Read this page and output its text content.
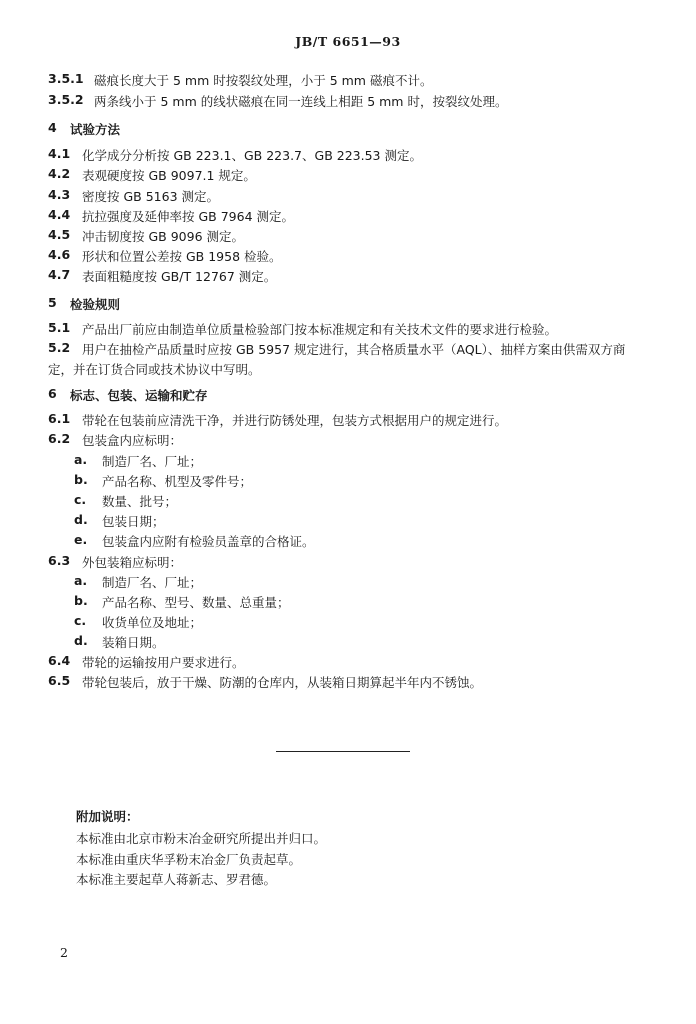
JB/T 6651—93
3.5.1 磁痕长度大于 5 mm 时按裂纹处理，小于 5 mm 磁痕不计。
3.5.2 两条线小于 5 mm 的线状磁痕在同一连线上相距 5 mm 时，按裂纹处理。
4 试验方法
4.1 化学成分分析按 GB 223.1、GB 223.7、GB 223.53 测定。
4.2 表观硬度按 GB 9097.1 规定。
4.3 密度按 GB 5163 测定。
4.4 抗拉强度及延伸率按 GB 7964 测定。
4.5 冲击韧度按 GB 9096 测定。
4.6 形状和位置公差按 GB 1958 检验。
4.7 表面粗糙度按 GB/T 12767 测定。
5 检验规则
5.1 产品出厂前应由制造单位质量检验部门按本标准规定和有关技术文件的要求进行检验。
5.2 用户在抽检产品质量时应按 GB 5957 规定进行，其合格质量水平（AQL）、抽样方案由供需双方商
定，并在订货合同或技术协议中写明。
6 标志、包装、运输和贮存
6.1 带轮在包装前应清洗干净，并进行防锈处理，包装方式根据用户的规定进行。
6.2 包装盒内应标明：
a. 制造厂名、厂址；
b. 产品名称、机型及零件号；
c. 数量、批号；
d. 包装日期；
e. 包装盒内应附有检验员盖章的合格证。
6.3 外包装箱应标明：
a. 制造厂名、厂址；
b. 产品名称、型号、数量、总重量；
c. 收货单位及地址；
d. 装箱日期。
6.4 带轮的运输按用户要求进行。
6.5 带轮包装后，放于干燥、防潮的仓库内，从装箱日期算起半年内不锈蚀。
附加说明：
本标准由北京市粉末冶金研究所提出并归口。
本标准由重庆华孚粉末冶金厂负责起草。
本标准主要起草人蒋新志、罗君德。
2
